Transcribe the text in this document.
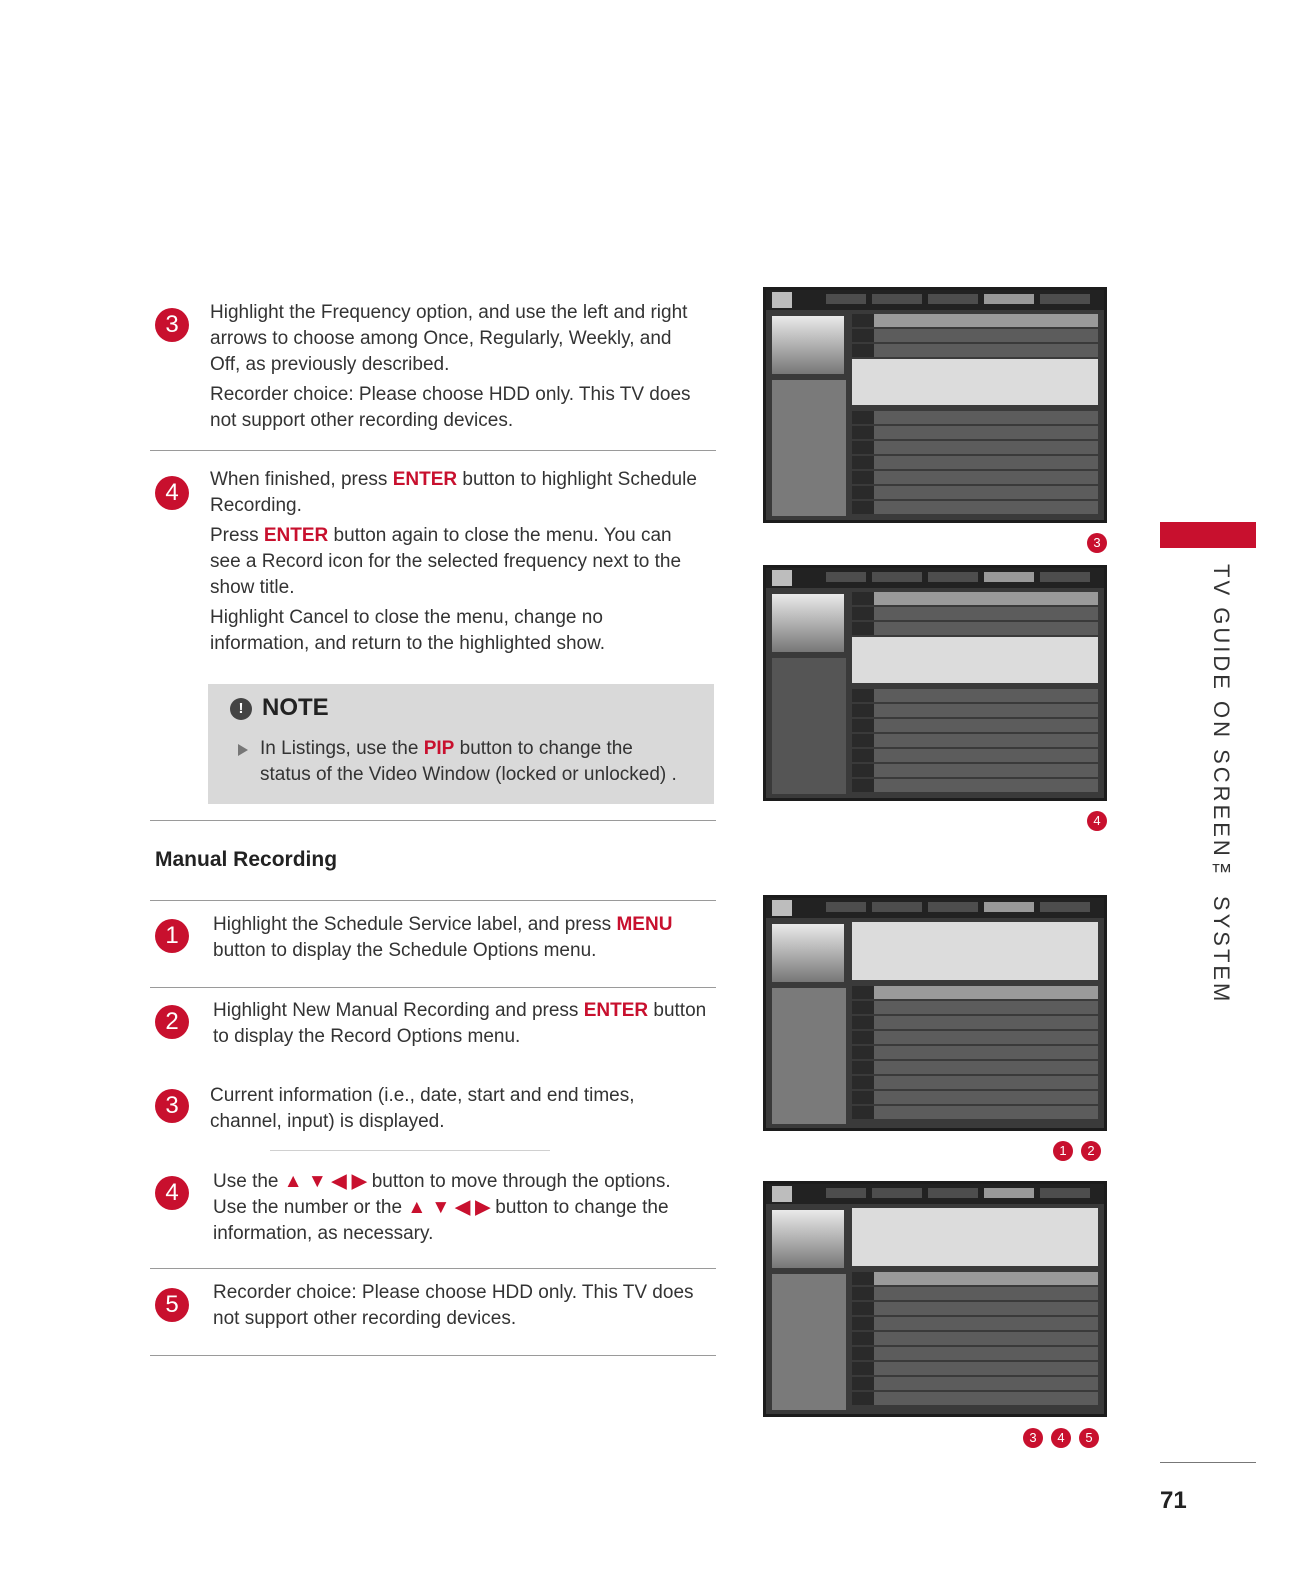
3	Highlight the Frequency option, and use the left and right arrows to choose among Once, Regularly, Weekly, and Off, as previously described.

Recorder choice: Please choose HDD only. This TV does not support other recording devices.

4	When finished, press ENTER button to highlight Schedule Recording.

Press ENTER button again to close the menu. You can see a Record icon for the selected frequency next to the show title.

Highlight Cancel to close the menu, change no information, and return to the highlighted show.

! NOTE
In Listings, use the PIP button to change the status of the Video Window (locked or unlocked) .
Manual Recording
1	Highlight the Schedule Service label, and press MENU button to display the Schedule Options menu.
2	Highlight New Manual Recording and press ENTER button to display the Record Options menu.
3	Current information (i.e., date, start and end times, channel, input) is displayed.
4	Use the ▲ ▼ ◀ ▶ button to move through the options. Use the number or the ▲ ▼ ◀ ▶ button to change the information, as necessary.
5	Recorder choice: Please choose HDD only. This TV does not support other recording devices.
3
4
1	2
3	4	5
TV GUIDE ON SCREEN™ SYSTEM
71
